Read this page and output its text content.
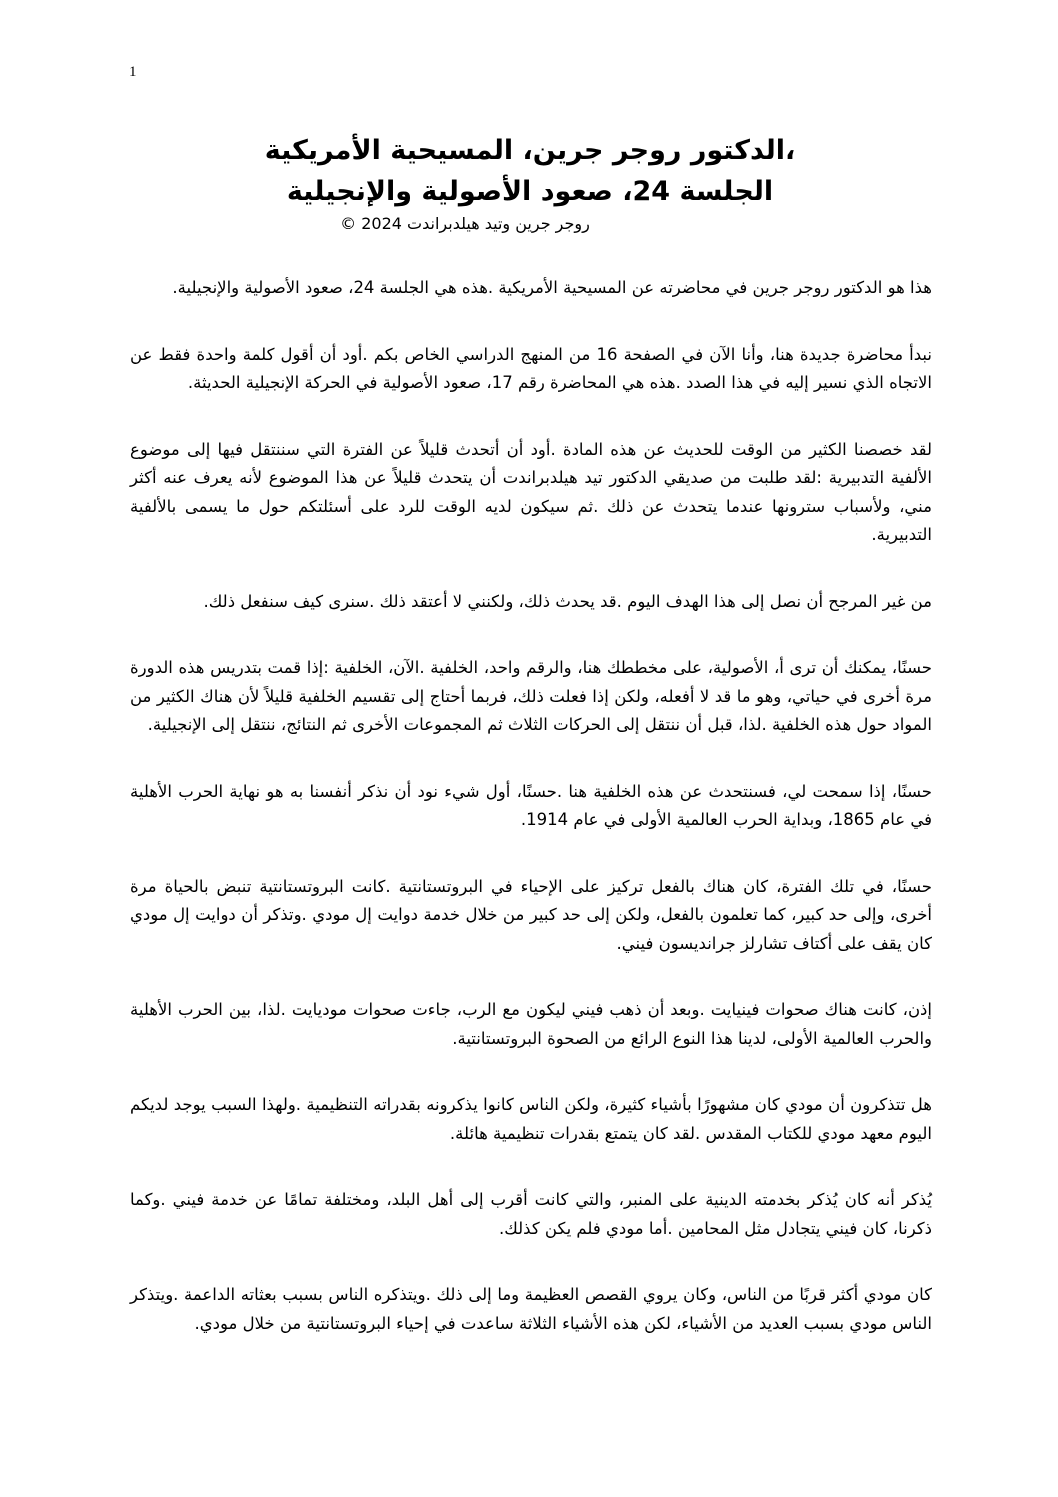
1
،الدكتور روجر جرين، المسيحية الأمريكية
الجلسة 24، صعود الأصولية والإنجيلية

روجر جرين وتيد هيلدبراندت 2024 ©

هذا هو الدكتور روجر جرين في محاضرته عن المسيحية الأمريكية .هذه هي الجلسة 24، صعود الأصولية والإنجيلية.

نبدأ محاضرة جديدة هنا، وأنا الآن في الصفحة 16 من المنهج الدراسي الخاص بكم .أود أن أقول كلمة واحدة فقط عن الاتجاه الذي نسير إليه في هذا الصدد .هذه هي المحاضرة رقم 17، صعود الأصولية في الحركة الإنجيلية الحديثة.

لقد خصصنا الكثير من الوقت للحديث عن هذه المادة .أود أن أتحدث قليلاً عن الفترة التي سننتقل فيها إلى موضوع الألفية التدبيرية :لقد طلبت من صديقي الدكتور تيد هيلدبراندت أن يتحدث قليلاً عن هذا الموضوع لأنه يعرف عنه أكثر مني، ولأسباب سترونها عندما يتحدث عن ذلك .ثم سيكون لديه الوقت للرد على أسئلتكم حول ما يسمى بالألفية التدبيرية.

من غير المرجح أن نصل إلى هذا الهدف اليوم .قد يحدث ذلك، ولكنني لا أعتقد ذلك .سنرى كيف سنفعل ذلك.

حسنًا، يمكنك أن ترى أ، الأصولية، على مخططك هنا، والرقم واحد، الخلفية .الآن، الخلفية :إذا قمت بتدريس هذه الدورة مرة أخرى في حياتي، وهو ما قد لا أفعله، ولكن إذا فعلت ذلك، فربما أحتاج إلى تقسيم الخلفية قليلاً لأن هناك الكثير من المواد حول هذه الخلفية .لذا، قبل أن ننتقل إلى الحركات الثلاث ثم المجموعات الأخرى ثم النتائج، ننتقل إلى الإنجيلية.

حسنًا، إذا سمحت لي، فسنتحدث عن هذه الخلفية هنا .حسنًا، أول شيء نود أن نذكر أنفسنا به هو نهاية الحرب الأهلية في عام 1865، وبداية الحرب العالمية الأولى في عام 1914.

حسنًا، في تلك الفترة، كان هناك بالفعل تركيز على الإحياء في البروتستانتية .كانت البروتستانتية تنبض بالحياة مرة أخرى، وإلى حد كبير، كما تعلمون بالفعل، ولكن إلى حد كبير من خلال خدمة دوايت إل مودي .وتذكر أن دوايت إل مودي كان يقف على أكتاف تشارلز جرانديسون فيني.

إذن، كانت هناك صحوات فينيايت .وبعد أن ذهب فيني ليكون مع الرب، جاءت صحوات موديايت .لذا، بين الحرب الأهلية والحرب العالمية الأولى، لدينا هذا النوع الرائع من الصحوة البروتستانتية.

هل تتذكرون أن مودي كان مشهورًا بأشياء كثيرة، ولكن الناس كانوا يذكرونه بقدراته التنظيمية .ولهذا السبب يوجد لديكم اليوم معهد مودي للكتاب المقدس .لقد كان يتمتع بقدرات تنظيمية هائلة.

يُذكر أنه كان يُذكر بخدمته الدينية على المنبر، والتي كانت أقرب إلى أهل البلد، ومختلفة تمامًا عن خدمة فيني .وكما ذكرنا، كان فيني يتجادل مثل المحامين .أما مودي فلم يكن كذلك.

كان مودي أكثر قربًا من الناس، وكان يروي القصص العظيمة وما إلى ذلك .ويتذكره الناس بسبب بعثاته الداعمة .ويتذكر الناس مودي بسبب العديد من الأشياء، لكن هذه الأشياء الثلاثة ساعدت في إحياء البروتستانتية من خلال مودي.
